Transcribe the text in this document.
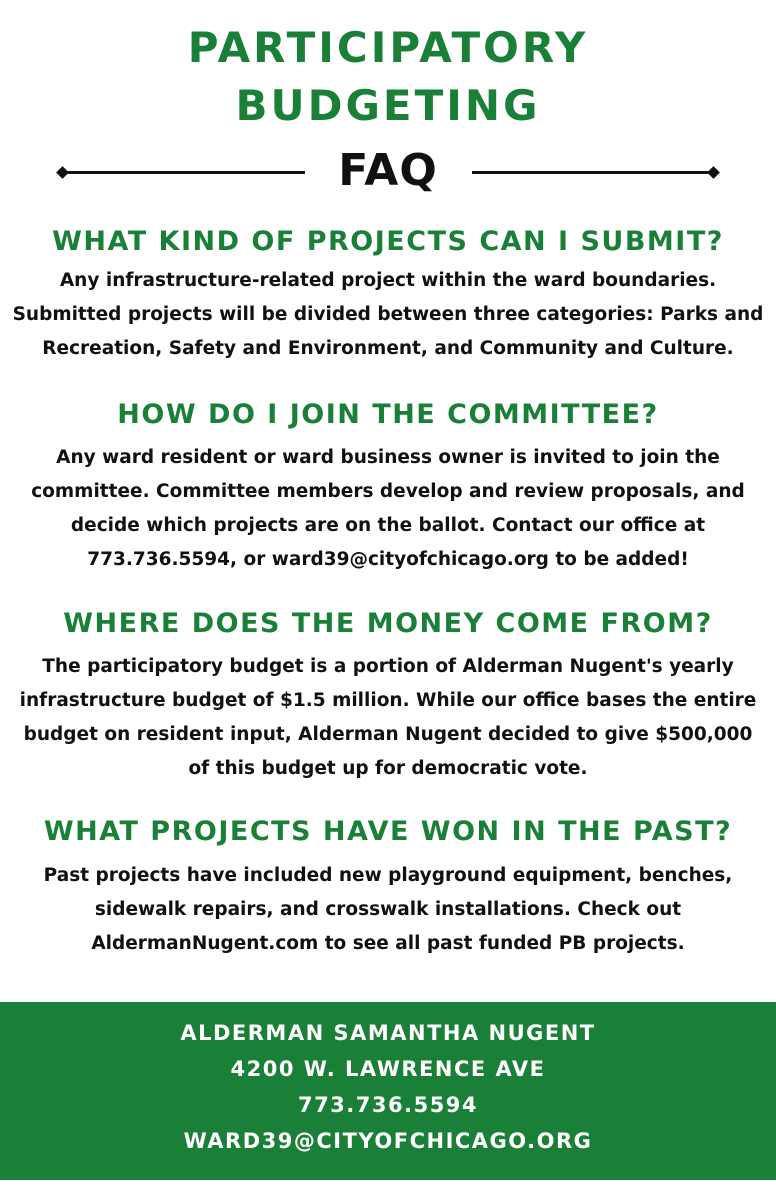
PARTICIPATORY
BUDGETING
FAQ
WHAT KIND OF PROJECTS CAN I SUBMIT?
Any infrastructure-related project within the ward boundaries.
Submitted projects will be divided between three categories: Parks and
Recreation, Safety and Environment, and Community and Culture.
HOW DO I JOIN THE COMMITTEE?
Any ward resident or ward business owner is invited to join the
committee. Committee members develop and review proposals, and
decide which projects are on the ballot. Contact our office at
773.736.5594, or ward39@cityofchicago.org to be added!
WHERE DOES THE MONEY COME FROM?
The participatory budget is a portion of Alderman Nugent's yearly
infrastructure budget of $1.5 million. While our office bases the entire
budget on resident input, Alderman Nugent decided to give $500,000
of this budget up for democratic vote.
WHAT PROJECTS HAVE WON IN THE PAST?
Past projects have included new playground equipment, benches,
sidewalk repairs, and crosswalk installations. Check out
AldermanNugent.com to see all past funded PB projects.
ALDERMAN SAMANTHA NUGENT
4200 W. LAWRENCE AVE
773.736.5594
WARD39@CITYOFCHICAGO.ORG
